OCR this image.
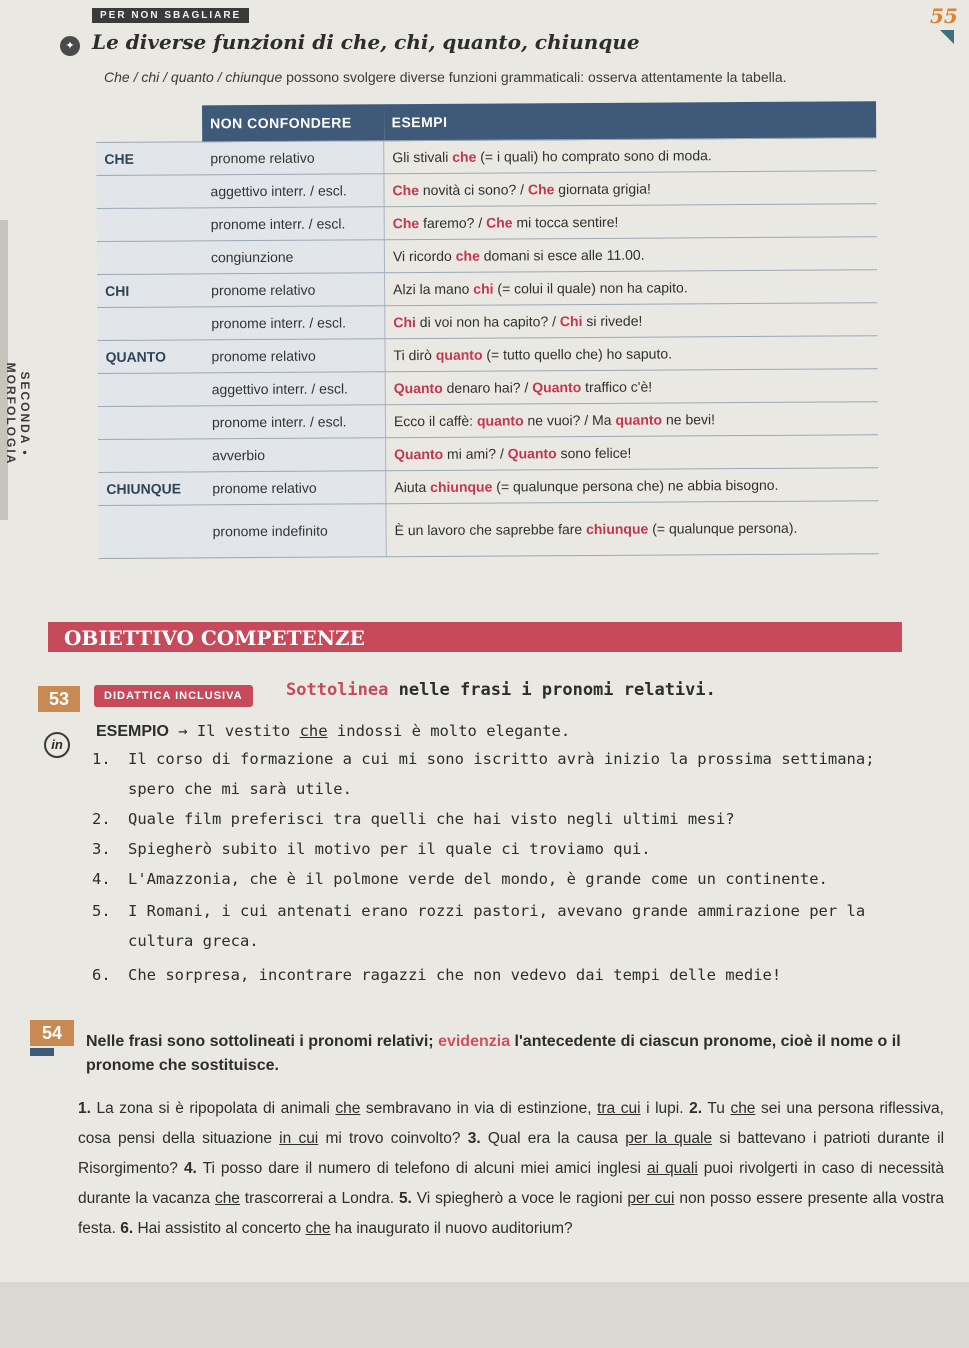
SECONDA • MORFOLOGIA
PER NON SBAGLIARE
✦ Le diverse funzioni di che, chi, quanto, chiunque
55
Che / chi / quanto / chiunque possono svolgere diverse funzioni grammaticali: osserva attentamente la tabella.
	NON CONFONDERE	ESEMPI
CHE	pronome relativo	Gli stivali che (= i quali) ho comprato sono di moda.
	aggettivo interr. / escl.	Che novità ci sono? / Che giornata grigia!
	pronome interr. / escl.	Che faremo? / Che mi tocca sentire!
	congiunzione	Vi ricordo che domani si esce alle 11.00.
CHI	pronome relativo	Alzi la mano chi (= colui il quale) non ha capito.
	pronome interr. / escl.	Chi di voi non ha capito? / Chi si rivede!
QUANTO	pronome relativo	Ti dirò quanto (= tutto quello che) ho saputo.
	aggettivo interr. / escl.	Quanto denaro hai? / Quanto traffico c'è!
	pronome interr. / escl.	Ecco il caffè: quanto ne vuoi? / Ma quanto ne bevi!
	avverbio	Quanto mi ami? / Quanto sono felice!
CHIUNQUE	pronome relativo	Aiuta chiunque (= qualunque persona che) ne abbia bisogno.
	pronome indefinito	È un lavoro che saprebbe fare chiunque (= qualunque persona).
OBIETTIVO COMPETENZE
53	DIDATTICA INCLUSIVA	Sottolinea nelle frasi i pronomi relativi.
in
ESEMPIO → Il vestito che indossi è molto elegante.
1. Il corso di formazione a cui mi sono iscritto avrà inizio la prossima settimana;
spero che mi sarà utile.
2. Quale film preferisci tra quelli che hai visto negli ultimi mesi?
3. Spiegherò subito il motivo per il quale ci troviamo qui.
4. L'Amazzonia, che è il polmone verde del mondo, è grande come un continente.
5. I Romani, i cui antenati erano rozzi pastori, avevano grande ammirazione per la
cultura greca.
6. Che sorpresa, incontrare ragazzi che non vedevo dai tempi delle medie!
54	Nelle frasi sono sottolineati i pronomi relativi; evidenzia l'antecedente di ciascun pronome, cioè il nome o il pronome che sostituisce.
1. La zona si è ripopolata di animali che sembravano in via di estinzione, tra cui i lupi. 2. Tu che sei una persona riflessiva, cosa pensi della situazione in cui mi trovo coinvolto? 3. Qual era la causa per la quale si battevano i patrioti durante il Risorgimento? 4. Ti posso dare il numero di telefono di alcuni miei amici inglesi ai quali puoi rivolgerti in caso di necessità durante la vacanza che trascorrerai a Londra. 5. Vi spiegherò a voce le ragioni per cui non posso essere presente alla vostra festa. 6. Hai assistito al concerto che ha inaugurato il nuovo auditorium?
